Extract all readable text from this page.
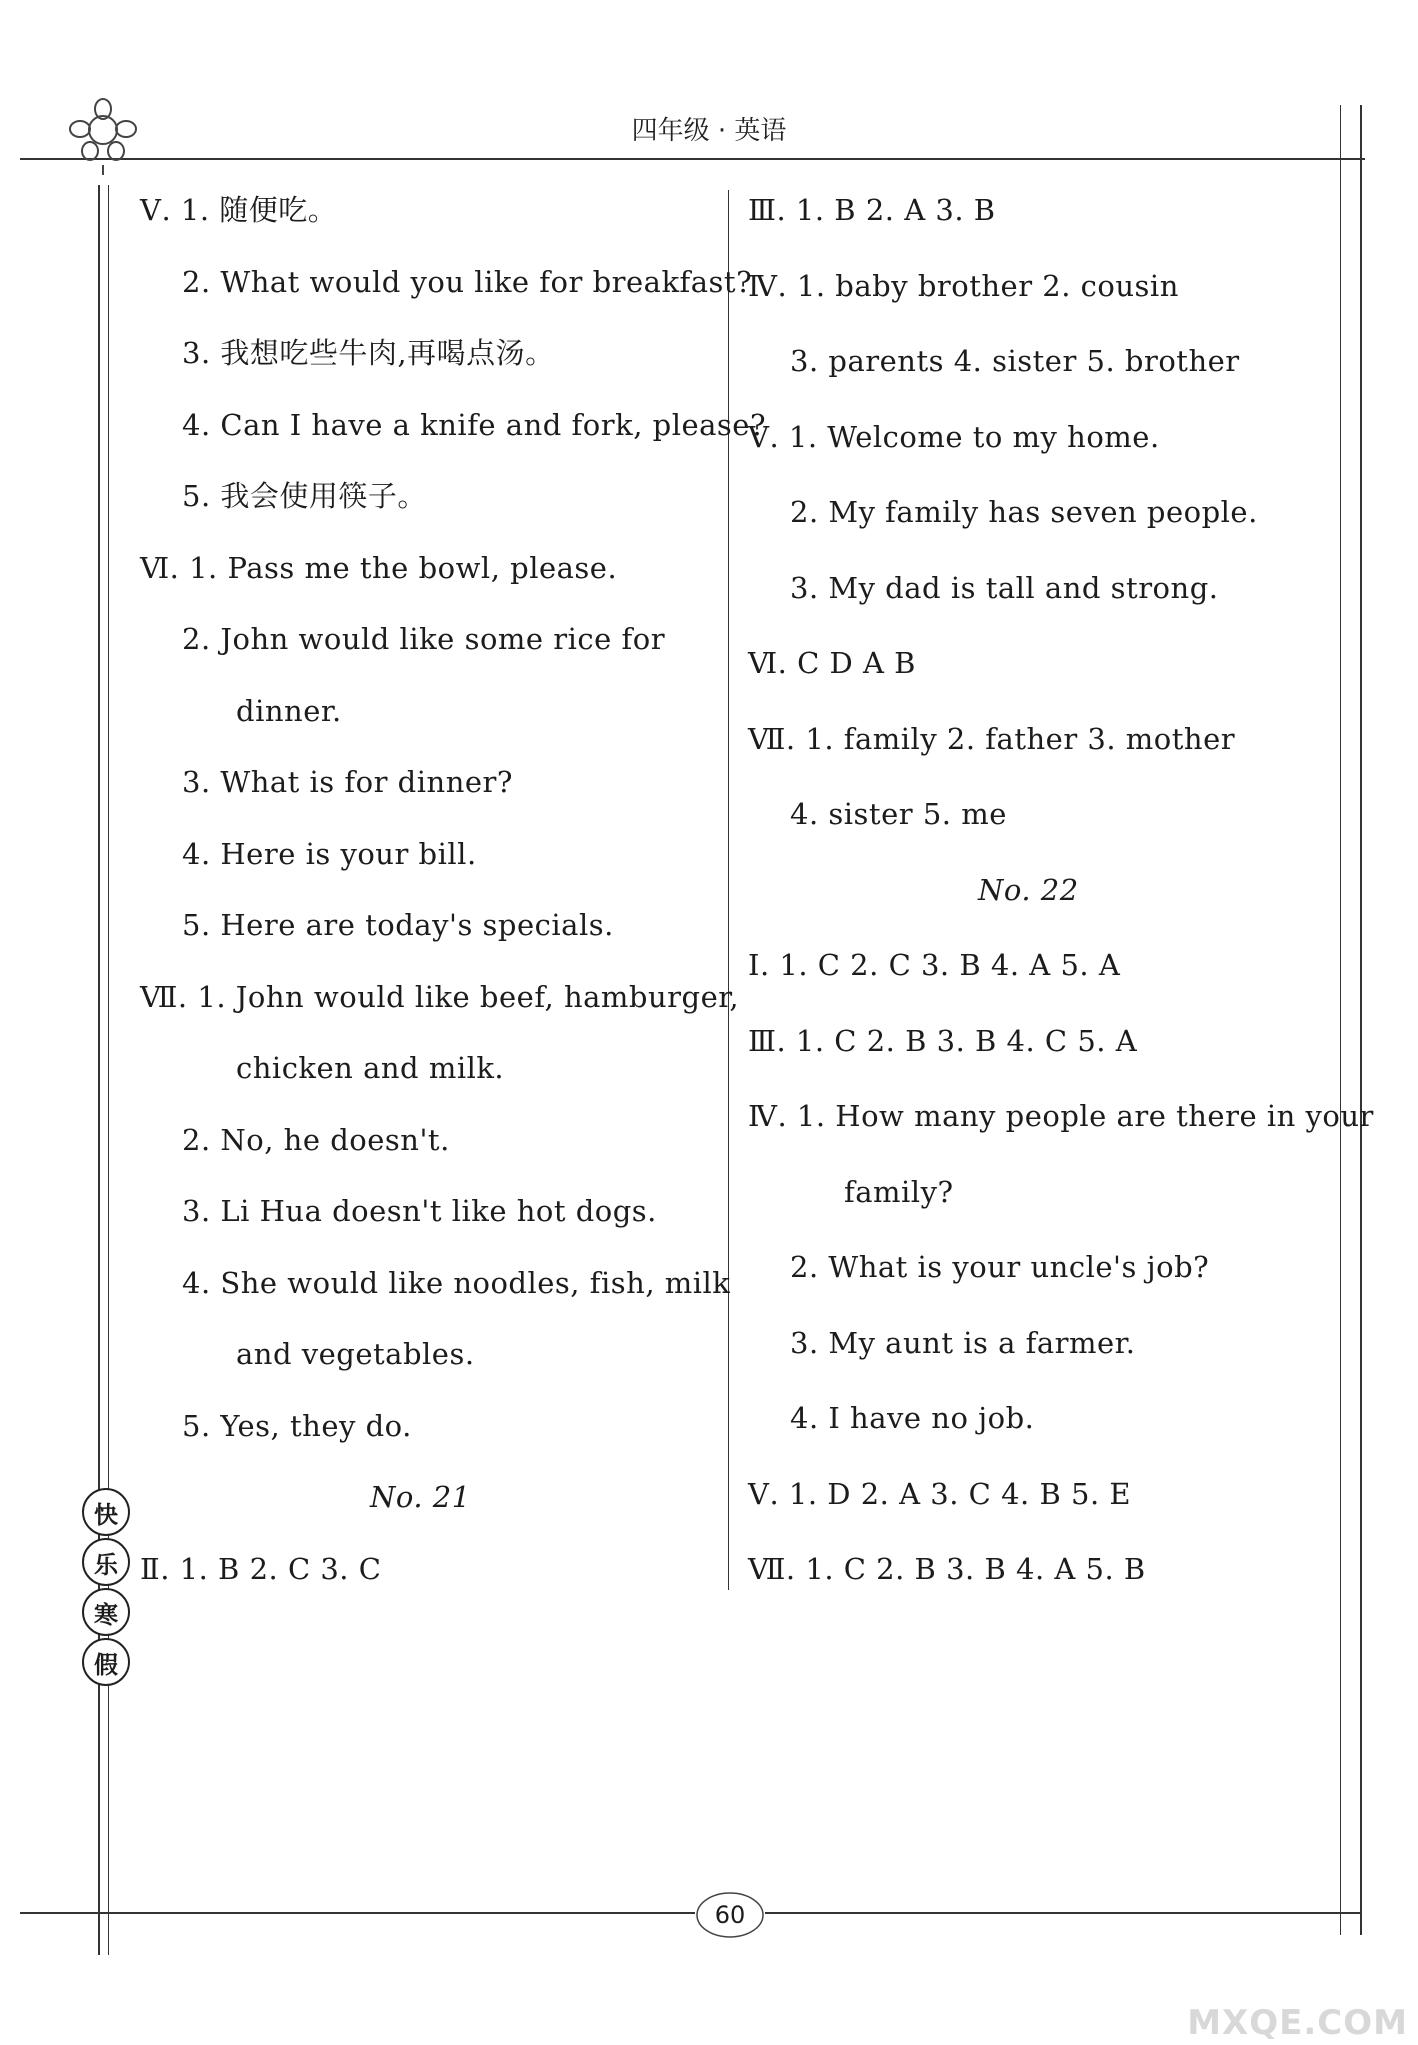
四年级 · 英语
Ⅴ. 1. 随便吃。
2. What would you like for breakfast?
3. 我想吃些牛肉,再喝点汤。
4. Can I have a knife and fork, please?
5. 我会使用筷子。
Ⅵ. 1. Pass me the bowl, please.
2. John would like some rice for
dinner.
3. What is for dinner?
4. Here is your bill.
5. Here are today's specials.
Ⅶ. 1. John would like beef, hamburger,
chicken and milk.
2. No, he doesn't.
3. Li Hua doesn't like hot dogs.
4. She would like noodles, fish, milk
and vegetables.
5. Yes, they do.
No. 21
Ⅱ. 1. B 2. C 3. C
Ⅲ. 1. B 2. A 3. B
Ⅳ. 1. baby brother 2. cousin
3. parents 4. sister 5. brother
Ⅴ. 1. Welcome to my home.
2. My family has seven people.
3. My dad is tall and strong.
Ⅵ. C D A B
Ⅶ. 1. family 2. father 3. mother
4. sister 5. me
No. 22
Ⅰ. 1. C 2. C 3. B 4. A 5. A
Ⅲ. 1. C 2. B 3. B 4. C 5. A
Ⅳ. 1. How many people are there in your
family?
2. What is your uncle's job?
3. My aunt is a farmer.
4. I have no job.
Ⅴ. 1. D 2. A 3. C 4. B 5. E
Ⅶ. 1. C 2. B 3. B 4. A 5. B
快
乐
寒
假
60
MXQE.COM
